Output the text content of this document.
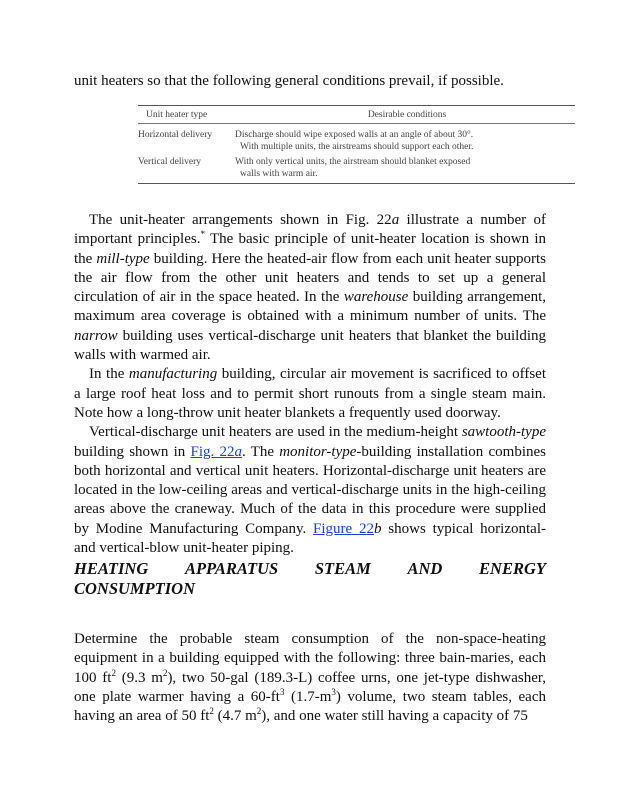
unit heaters so that the following general conditions prevail, if possible.
Unit heater type	Desirable conditions
Horizontal delivery	Discharge should wipe exposed walls at an angle of about 30°.
With multiple units, the airstreams should support each other.
Vertical delivery	With only vertical units, the airstream should blanket exposed
walls with warm air.

The unit-heater arrangements shown in Fig. 22a illustrate a number of important principles.* The basic principle of unit-heater location is shown in the mill-type building. Here the heated-air flow from each unit heater supports the air flow from the other unit heaters and tends to set up a general circulation of air in the space heated. In the warehouse building arrangement, maximum area coverage is obtained with a minimum number of units. The narrow building uses vertical-discharge unit heaters that blanket the building walls with warmed air.

In the manufacturing building, circular air movement is sacrificed to offset a large roof heat loss and to permit short runouts from a single steam main. Note how a long-throw unit heater blankets a frequently used doorway.

Vertical-discharge unit heaters are used in the medium-height sawtooth-type building shown in Fig. 22a. The monitor-type-building installation combines both horizontal and vertical unit heaters. Horizontal-discharge unit heaters are located in the low-ceiling areas and vertical-discharge units in the high-ceiling areas above the craneway. Much of the data in this procedure were supplied by Modine Manufacturing Company. Figure 22b shows typical horizontal- and vertical-blow unit-heater piping.

HEATING APPARATUS STEAM AND ENERGY
CONSUMPTION

Determine the probable steam consumption of the non-space-heating equipment in a building equipped with the following: three bain-maries, each 100 $ft^2$ (9.3 $m^2$), two 50-gal (189.3-L) coffee urns, one jet-type dishwasher, one plate warmer having a $60-ft^3$ $(1.7-m^3)$ volume, two steam tables, each having an area of 50 $ft^2$ (4.7 $m^2$), and one water still having a capacity of 75
